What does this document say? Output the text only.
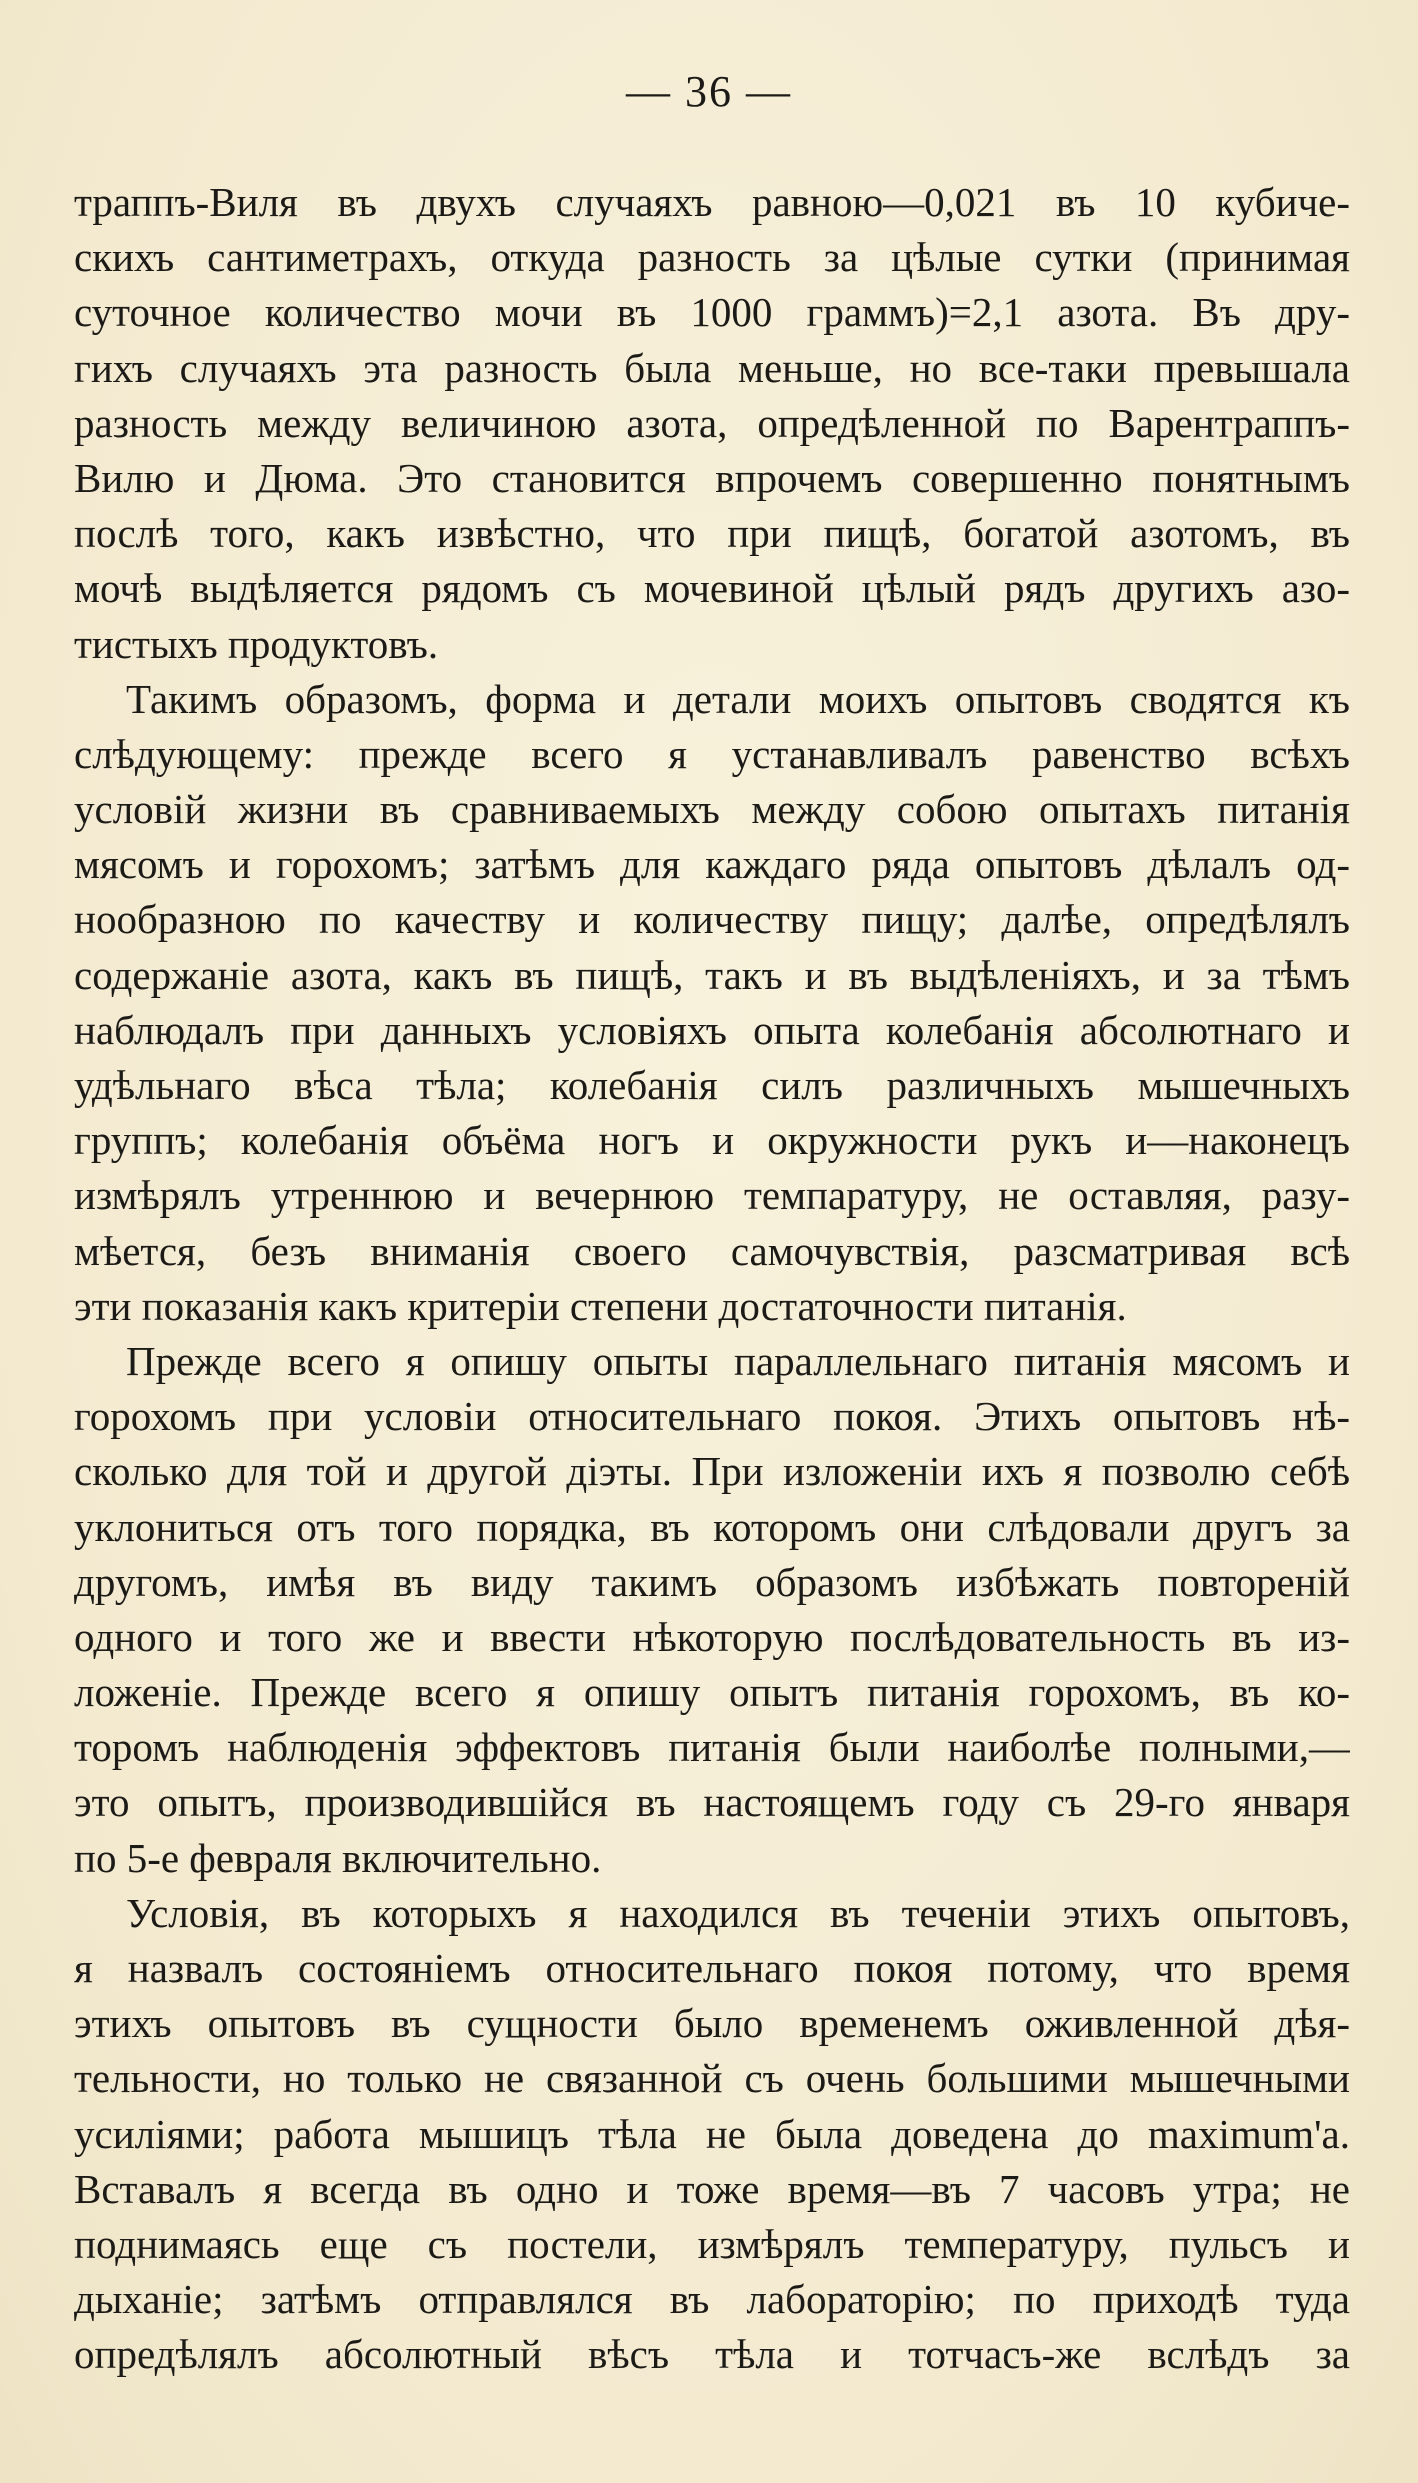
— 36 —
траппъ-Виля въ двухъ случаяхъ равною—0,021 въ 10 кубиче-
скихъ сантиметрахъ, откуда разность за цѣлые сутки (принимая
суточное количество мочи въ 1000 граммъ)=2,1 азота. Въ дру-
гихъ случаяхъ эта разность была меньше, но все-таки превышала
разность между величиною азота, опредѣленной по Варентраппъ-
Вилю и Дюма. Это становится впрочемъ совершенно понятнымъ
послѣ того, какъ извѣстно, что при пищѣ, богатой азотомъ, въ
мочѣ выдѣляется рядомъ съ мочевиной цѣлый рядъ другихъ азо-
тистыхъ продуктовъ.
Такимъ образомъ, форма и детали моихъ опытовъ сводятся къ
слѣдующему: прежде всего я устанавливалъ равенство всѣхъ
условій жизни въ сравниваемыхъ между собою опытахъ питанія
мясомъ и горохомъ; затѣмъ для каждаго ряда опытовъ дѣлалъ од-
нообразною по качеству и количеству пищу; далѣе, опредѣлялъ
содержаніе азота, какъ въ пищѣ, такъ и въ выдѣленіяхъ, и за тѣмъ
наблюдалъ при данныхъ условіяхъ опыта колебанія абсолютнаго и
удѣльнаго вѣса тѣла; колебанія силъ различныхъ мышечныхъ
группъ; колебанія объёма ногъ и окружности рукъ и—наконецъ
измѣрялъ утреннюю и вечернюю темпаратуру, не оставляя, разу-
мѣется, безъ вниманія своего самочувствія, разсматривая всѣ
эти показанія какъ критеріи степени достаточности питанія.
Прежде всего я опишу опыты параллельнаго питанія мясомъ и
горохомъ при условіи относительнаго покоя. Этихъ опытовъ нѣ-
сколько для той и другой діэты. При изложеніи ихъ я позволю себѣ
уклониться отъ того порядка, въ которомъ они слѣдовали другъ за
другомъ, имѣя въ виду такимъ образомъ избѣжать повтореній
одного и того же и ввести нѣкоторую послѣдовательность въ из-
ложеніе. Прежде всего я опишу опытъ питанія горохомъ, въ ко-
торомъ наблюденія эффектовъ питанія были наиболѣе полными,—
это опытъ, производившійся въ настоящемъ году съ 29-го января
по 5-е февраля включительно.
Условія, въ которыхъ я находился въ теченіи этихъ опытовъ,
я назвалъ состояніемъ относительнаго покоя потому, что время
этихъ опытовъ въ сущности было временемъ оживленной дѣя-
тельности, но только не связанной съ очень большими мышечными
усиліями; работа мышицъ тѣла не была доведена до maximum'a.
Вставалъ я всегда въ одно и тоже время—въ 7 часовъ утра; не
поднимаясь еще съ постели, измѣрялъ температуру, пульсъ и
дыханіе; затѣмъ отправлялся въ лабораторію; по приходѣ туда
опредѣлялъ абсолютный вѣсъ тѣла и тотчасъ-же вслѣдъ за
